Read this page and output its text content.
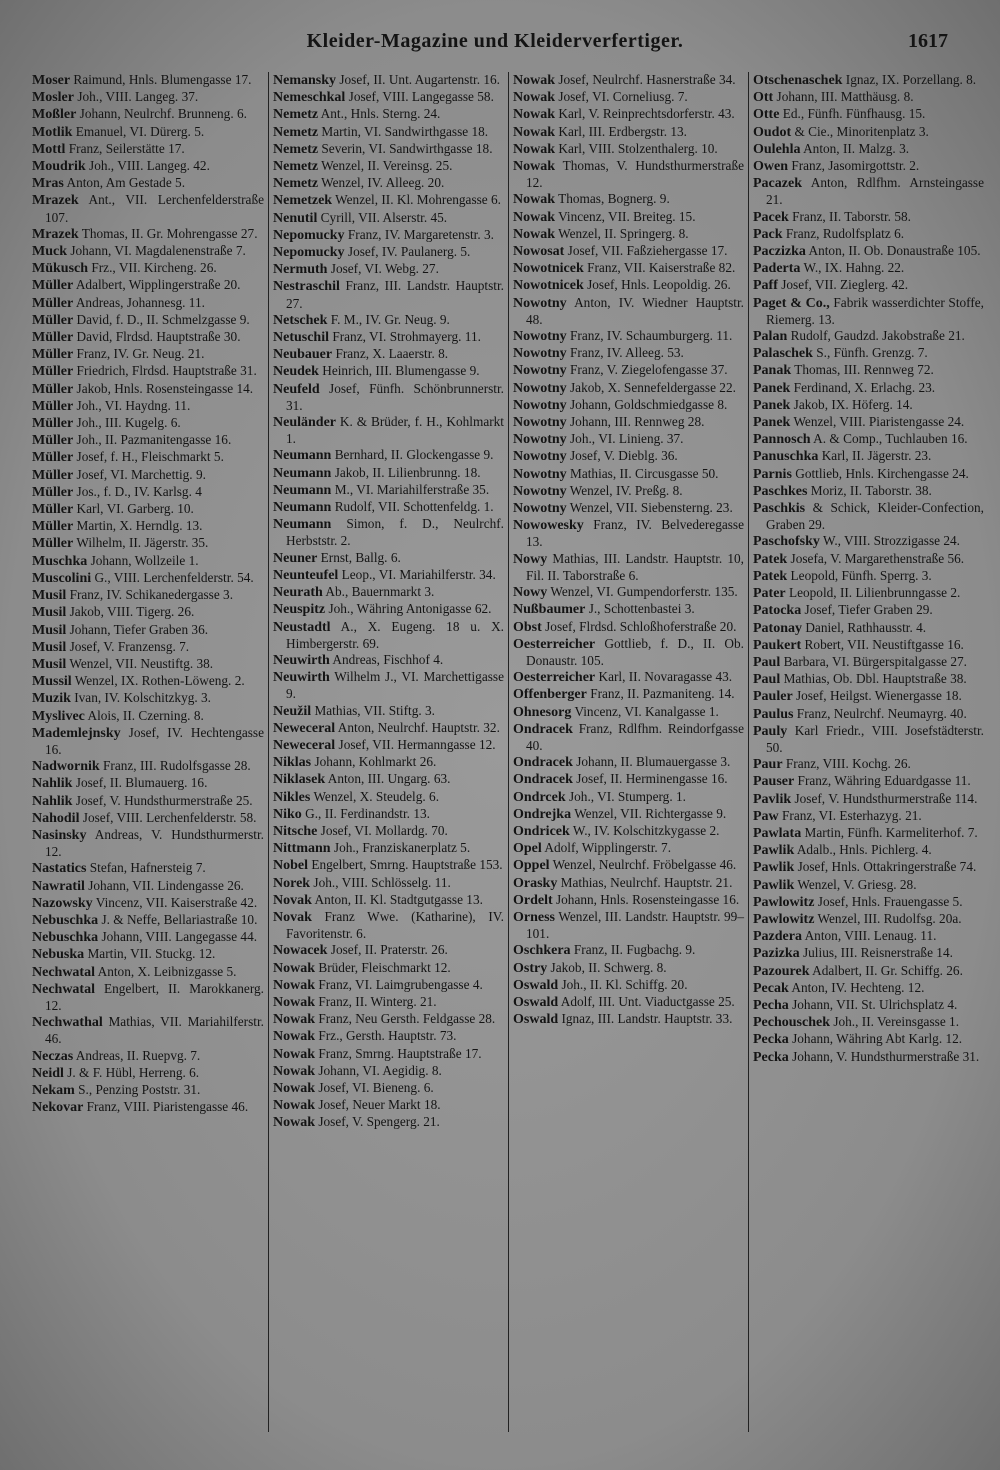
Kleider-Magazine und Kleiderverfertiger.	1617
Moser Raimund, Hnls. Blumengasse 17.
Mosler Joh., VIII. Langeg. 37.
Moßler Johann, Neulrchf. Brunneng. 6.
Motlik Emanuel, VI. Dürerg. 5.
Mottl Franz, Seilerstätte 17.
Moudrik Joh., VIII. Langeg. 42.
Mras Anton, Am Gestade 5.
Mrazek Ant., VII. Lerchenfelderstraße 107.
Mrazek Thomas, II. Gr. Mohrengasse 27.
Muck Johann, VI. Magdalenenstraße 7.
Mükusch Frz., VII. Kircheng. 26.
Müller Adalbert, Wipplingerstraße 20.
Müller Andreas, Johannesg. 11.
Müller David, f. D., II. Schmelzgasse 9.
Müller David, Flrdsd. Hauptstraße 30.
Müller Franz, IV. Gr. Neug. 21.
Müller Friedrich, Flrdsd. Hauptstraße 31.
Müller Jakob, Hnls. Rosensteingasse 14.
Müller Joh., VI. Haydng. 11.
Müller Joh., III. Kugelg. 6.
Müller Joh., II. Pazmanitengasse 16.
Müller Josef, f. H., Fleischmarkt 5.
Müller Josef, VI. Marchettig. 9.
Müller Jos., f. D., IV. Karlsg. 4
Müller Karl, VI. Garberg. 10.
Müller Martin, X. Herndlg. 13.
Müller Wilhelm, II. Jägerstr. 35.
Muschka Johann, Wollzeile 1.
Muscolini G., VIII. Lerchenfelderstr. 54.
Musil Franz, IV. Schikanedergasse 3.
Musil Jakob, VIII. Tigerg. 26.
Musil Johann, Tiefer Graben 36.
Musil Josef, V. Franzensg. 7.
Musil Wenzel, VII. Neustiftg. 38.
Mussil Wenzel, IX. Rothen-Löweng. 2.
Muzik Ivan, IV. Kolschitzkyg. 3.
Myslivec Alois, II. Czerning. 8.
Mademlejnsky Josef, IV. Hechtengasse 16.
Nadwornik Franz, III. Rudolfsgasse 28.
Nahlik Josef, II. Blumauerg. 16.
Nahlik Josef, V. Hundsthurmerstraße 25.
Nahodil Josef, VIII. Lerchenfelderstr. 58.
Nasinsky Andreas, V. Hundsthurmerstr. 12.
Nastatics Stefan, Hafnersteig 7.
Nawratil Johann, VII. Lindengasse 26.
Nazowsky Vincenz, VII. Kaiserstraße 42.
Nebuschka J. & Neffe, Bellariastraße 10.
Nebuschka Johann, VIII. Langegasse 44.
Nebuska Martin, VII. Stuckg. 12.
Nechwatal Anton, X. Leibnizgasse 5.
Nechwatal Engelbert, II. Marokkanerg. 12.
Nechwathal Mathias, VII. Mariahilferstr. 46.
Neczas Andreas, II. Ruepvg. 7.
Neidl J. & F. Hübl, Herreng. 6.
Nekam S., Penzing Poststr. 31.
Nekovar Franz, VIII. Piaristengasse 46.
Nemansky Josef, II. Unt. Augartenstr. 16.
Nemeschkal Josef, VIII. Langegasse 58.
Nemetz Ant., Hnls. Sterng. 24.
Nemetz Martin, VI. Sandwirthgasse 18.
Nemetz Severin, VI. Sandwirthgasse 18.
Nemetz Wenzel, II. Vereinsg. 25.
Nemetz Wenzel, IV. Alleeg. 20.
Nemetzek Wenzel, II. Kl. Mohrengasse 6.
Nenutil Cyrill, VII. Alserstr. 45.
Nepomucky Franz, IV. Margaretenstr. 3.
Nepomucky Josef, IV. Paulanerg. 5.
Nermuth Josef, VI. Webg. 27.
Nestraschil Franz, III. Landstr. Hauptstr. 27.
Netschek F. M., IV. Gr. Neug. 9.
Netuschil Franz, VI. Strohmayerg. 11.
Neubauer Franz, X. Laaerstr. 8.
Neudek Heinrich, III. Blumengasse 9.
Neufeld Josef, Fünfh. Schönbrunnerstr. 31.
Neuländer K. & Brüder, f. H., Kohlmarkt 1.
Neumann Bernhard, II. Glockengasse 9.
Neumann Jakob, II. Lilienbrunng. 18.
Neumann M., VI. Mariahilferstraße 35.
Neumann Rudolf, VII. Schottenfeldg. 1.
Neumann Simon, f. D., Neulrchf. Herbststr. 2.
Neuner Ernst, Ballg. 6.
Neunteufel Leop., VI. Mariahilferstr. 34.
Neurath Ab., Bauernmarkt 3.
Neuspitz Joh., Währing Antonigasse 62.
Neustadtl A., X. Eugeng. 18 u. X. Himbergerstr. 69.
Neuwirth Andreas, Fischhof 4.
Neuwirth Wilhelm J., VI. Marchettigasse 9.
Neužil Mathias, VII. Stiftg. 3.
Neweceral Anton, Neulrchf. Hauptstr. 32.
Neweceral Josef, VII. Hermanngasse 12.
Niklas Johann, Kohlmarkt 26.
Niklasek Anton, III. Ungarg. 63.
Nikles Wenzel, X. Steudelg. 6.
Niko G., II. Ferdinandstr. 13.
Nitsche Josef, VI. Mollardg. 70.
Nittmann Joh., Franziskanerplatz 5.
Nobel Engelbert, Smrng. Hauptstraße 153.
Norek Joh., VIII. Schlösselg. 11.
Novak Anton, II. Kl. Stadtgutgasse 13.
Novak Franz Wwe. (Katharine), IV. Favoritenstr. 6.
Nowacek Josef, II. Praterstr. 26.
Nowak Brüder, Fleischmarkt 12.
Nowak Franz, VI. Laimgrubengasse 4.
Nowak Franz, II. Winterg. 21.
Nowak Franz, Neu Gersth. Feldgasse 28.
Nowak Frz., Gersth. Hauptstr. 73.
Nowak Franz, Smrng. Hauptstraße 17.
Nowak Johann, VI. Aegidig. 8.
Nowak Josef, VI. Bieneng. 6.
Nowak Josef, Neuer Markt 18.
Nowak Josef, V. Spengerg. 21.
Nowak Josef, Neulrchf. Hasnerstraße 34.
Nowak Josef, VI. Corneliusg. 7.
Nowak Karl, V. Reinprechtsdorferstr. 43.
Nowak Karl, III. Erdbergstr. 13.
Nowak Karl, VIII. Stolzenthalerg. 10.
Nowak Thomas, V. Hundsthurmerstraße 12.
Nowak Thomas, Bognerg. 9.
Nowak Vincenz, VII. Breiteg. 15.
Nowak Wenzel, II. Springerg. 8.
Nowosat Josef, VII. Faßziehergasse 17.
Nowotnicek Franz, VII. Kaiserstraße 82.
Nowotnicek Josef, Hnls. Leopoldig. 26.
Nowotny Anton, IV. Wiedner Hauptstr. 48.
Nowotny Franz, IV. Schaumburgerg. 11.
Nowotny Franz, IV. Alleeg. 53.
Nowotny Franz, V. Ziegelofengasse 37.
Nowotny Jakob, X. Sennefeldergasse 22.
Nowotny Johann, Goldschmiedgasse 8.
Nowotny Johann, III. Rennweg 28.
Nowotny Joh., VI. Linieng. 37.
Nowotny Josef, V. Dieblg. 36.
Nowotny Mathias, II. Circusgasse 50.
Nowotny Wenzel, IV. Preßg. 8.
Nowotny Wenzel, VII. Siebensterng. 23.
Nowowesky Franz, IV. Belvederegasse 13.
Nowy Mathias, III. Landstr. Hauptstr. 10, Fil. II. Taborstraße 6.
Nowy Wenzel, VI. Gumpendorferstr. 135.
Nußbaumer J., Schottenbastei 3.
Obst Josef, Flrdsd. Schloßhoferstraße 20.
Oesterreicher Gottlieb, f. D., II. Ob. Donaustr. 105.
Oesterreicher Karl, II. Novaragasse 43.
Offenberger Franz, II. Pazmaniteng. 14.
Ohnesorg Vincenz, VI. Kanalgasse 1.
Ondracek Franz, Rdlfhm. Reindorfgasse 40.
Ondracek Johann, II. Blumauergasse 3.
Ondracek Josef, II. Herminengasse 16.
Ondrcek Joh., VI. Stumperg. 1.
Ondrejka Wenzel, VII. Richtergasse 9.
Ondricek W., IV. Kolschitzkygasse 2.
Opel Adolf, Wipplingerstr. 7.
Oppel Wenzel, Neulrchf. Fröbelgasse 46.
Orasky Mathias, Neulrchf. Hauptstr. 21.
Ordelt Johann, Hnls. Rosensteingasse 16.
Orness Wenzel, III. Landstr. Hauptstr. 99–101.
Oschkera Franz, II. Fugbachg. 9.
Ostry Jakob, II. Schwerg. 8.
Oswald Joh., II. Kl. Schiffg. 20.
Oswald Adolf, III. Unt. Viaductgasse 25.
Oswald Ignaz, III. Landstr. Hauptstr. 33.
Otschenaschek Ignaz, IX. Porzellang. 8.
Ott Johann, III. Matthäusg. 8.
Otte Ed., Fünfh. Fünfhausg. 15.
Oudot & Cie., Minoritenplatz 3.
Oulehla Anton, II. Malzg. 3.
Owen Franz, Jasomirgottstr. 2.
Pacazek Anton, Rdlfhm. Arnsteingasse 21.
Pacek Franz, II. Taborstr. 58.
Pack Franz, Rudolfsplatz 6.
Paczizka Anton, II. Ob. Donaustraße 105.
Paderta W., IX. Hahng. 22.
Paff Josef, VII. Zieglerg. 42.
Paget & Co., Fabrik wasserdichter Stoffe, Riemerg. 13.
Palan Rudolf, Gaudzd. Jakobstraße 21.
Palaschek S., Fünfh. Grenzg. 7.
Panak Thomas, III. Rennweg 72.
Panek Ferdinand, X. Erlachg. 23.
Panek Jakob, IX. Höferg. 14.
Panek Wenzel, VIII. Piaristengasse 24.
Pannosch A. & Comp., Tuchlauben 16.
Panuschka Karl, II. Jägerstr. 23.
Parnis Gottlieb, Hnls. Kirchengasse 24.
Paschkes Moriz, II. Taborstr. 38.
Paschkis & Schick, Kleider-Confection, Graben 29.
Paschofsky W., VIII. Strozzigasse 24.
Patek Josefa, V. Margarethenstraße 56.
Patek Leopold, Fünfh. Sperrg. 3.
Pater Leopold, II. Lilienbrunngasse 2.
Patocka Josef, Tiefer Graben 29.
Patonay Daniel, Rathhausstr. 4.
Paukert Robert, VII. Neustiftgasse 16.
Paul Barbara, VI. Bürgerspitalgasse 27.
Paul Mathias, Ob. Dbl. Hauptstraße 38.
Pauler Josef, Heilgst. Wienergasse 18.
Paulus Franz, Neulrchf. Neumayrg. 40.
Pauly Karl Friedr., VIII. Josefstädterstr. 50.
Paur Franz, VIII. Kochg. 26.
Pauser Franz, Währing Eduardgasse 11.
Pavlik Josef, V. Hundsthurmerstraße 114.
Paw Franz, VI. Esterhazyg. 21.
Pawlata Martin, Fünfh. Karmeliterhof. 7.
Pawlik Adalb., Hnls. Pichlerg. 4.
Pawlik Josef, Hnls. Ottakringerstraße 74.
Pawlik Wenzel, V. Griesg. 28.
Pawlowitz Josef, Hnls. Frauengasse 5.
Pawlowitz Wenzel, III. Rudolfsg. 20a.
Pazdera Anton, VIII. Lenaug. 11.
Pazizka Julius, III. Reisnerstraße 14.
Pazourek Adalbert, II. Gr. Schiffg. 26.
Pecak Anton, IV. Hechteng. 12.
Pecha Johann, VII. St. Ulrichsplatz 4.
Pechouschek Joh., II. Vereinsgasse 1.
Pecka Johann, Währing Abt Karlg. 12.
Pecka Johann, V. Hundsthurmerstraße 31.
